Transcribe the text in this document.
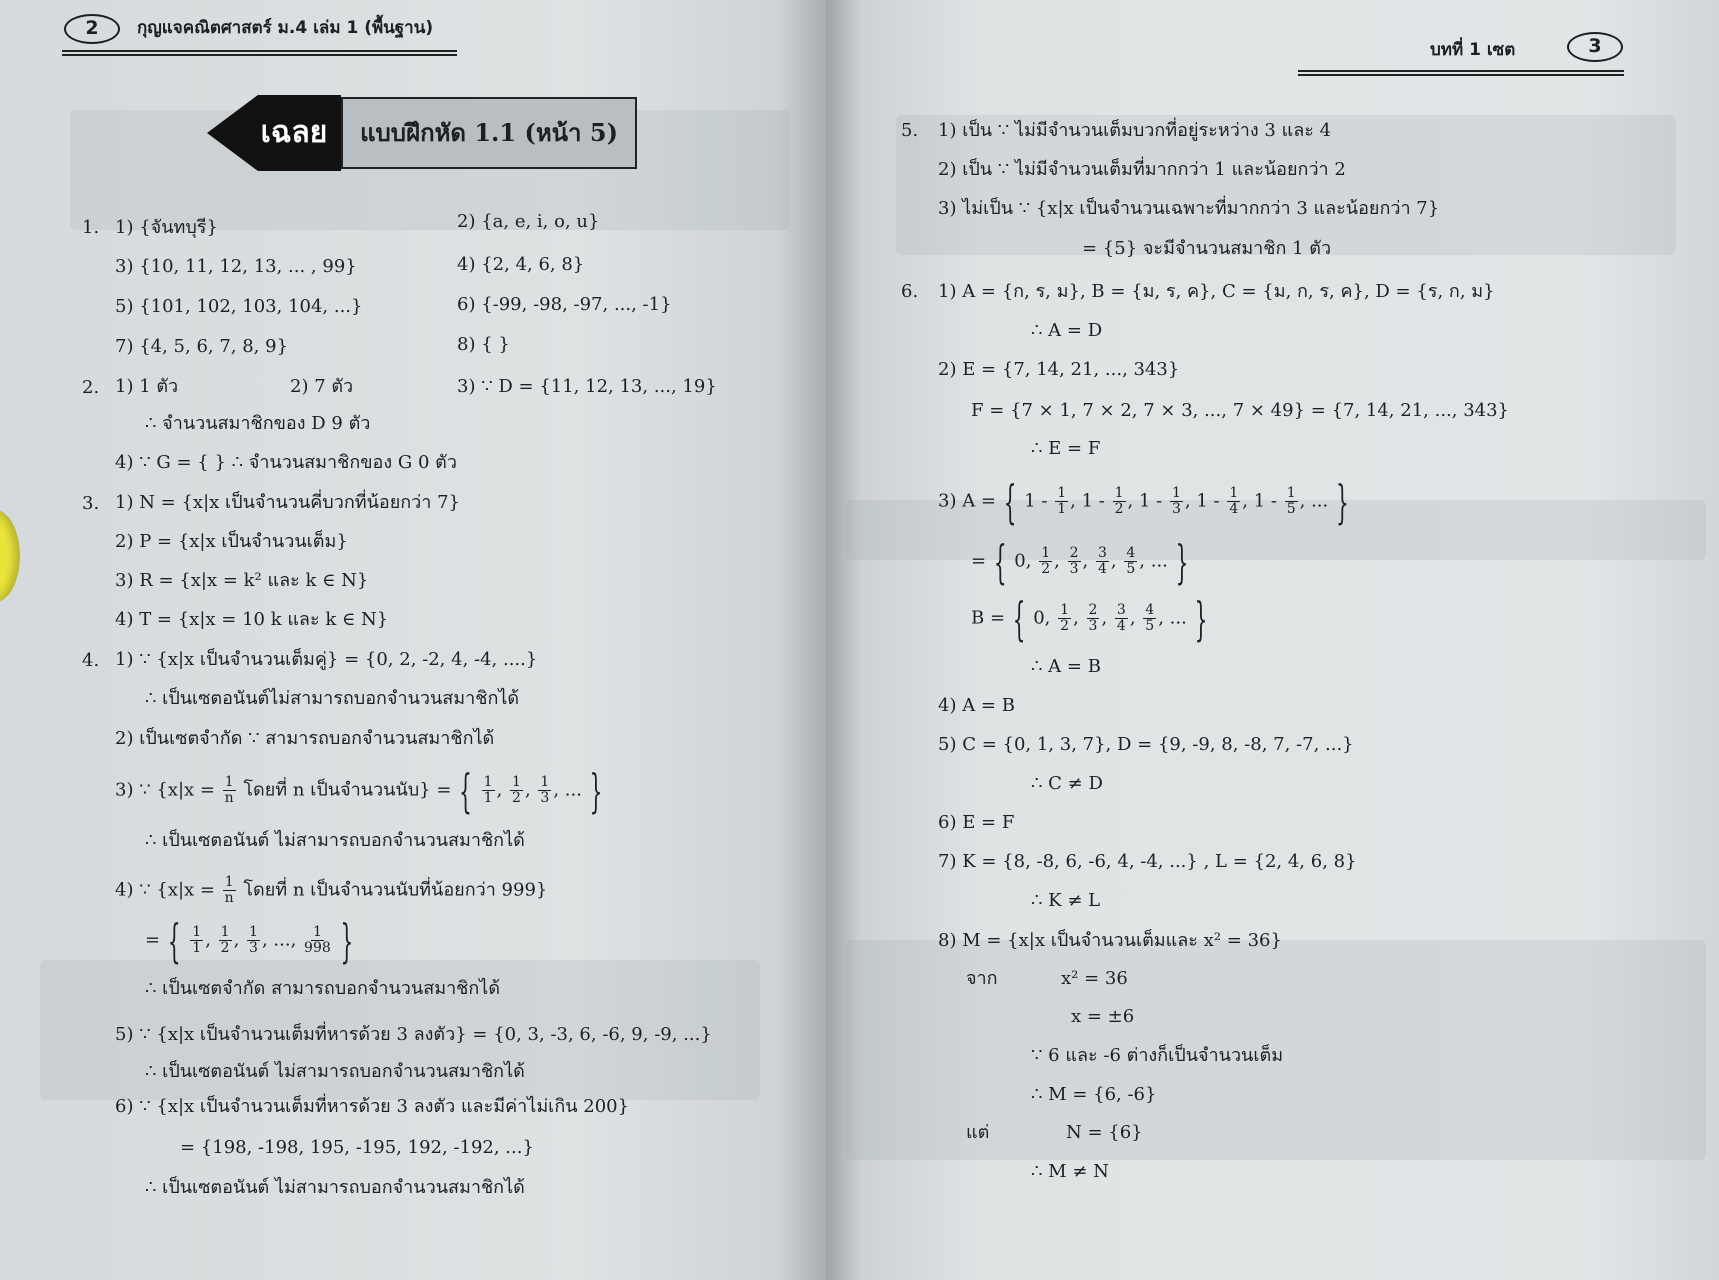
2	กุญแจคณิตศาสตร์ ม.4 เล่ม 1 (พื้นฐาน)
เฉลย	แบบฝึกหัด 1.1 (หน้า 5)
1. 1) {จันทบุรี}	2) {a, e, i, o, u}
3) {10, 11, 12, 13, ... , 99}	4) {2, 4, 6, 8}
5) {101, 102, 103, 104, ...}	6) {-99, -98, -97, ..., -1}
7) {4, 5, 6, 7, 8, 9}	8) { }
2. 1) 1 ตัว	2) 7 ตัว	3) ∵ D = {11, 12, 13, ..., 19}
∴ จำนวนสมาชิกของ D 9 ตัว
4) ∵ G = { } ∴ จำนวนสมาชิกของ G 0 ตัว
3. 1) N = {x|x เป็นจำนวนคี่บวกที่น้อยกว่า 7}
2) P = {x|x เป็นจำนวนเต็ม}
3) R = {x|x = k² และ k ∈ N}
4) T = {x|x = 10 k และ k ∈ N}
4. 1) ∵ {x|x เป็นจำนวนเต็มคู่} = {0, 2, -2, 4, -4, ....}
∴ เป็นเซตอนันต์ไม่สามารถบอกจำนวนสมาชิกได้
2) เป็นเซตจำกัด ∵ สามารถบอกจำนวนสมาชิกได้
3) ∵ {$x|x = \frac{1}{n}$ โดยที่ n เป็นจำนวนนับ} = { $\frac{1}{1}$ , $\frac{1}{2}$ , $\frac{1}{3}$ , ... }
∴ เป็นเซตอนันต์ ไม่สามารถบอกจำนวนสมาชิกได้
4) ∵ {$x|x = \frac{1}{n}$ โดยที่ n เป็นจำนวนนับที่น้อยกว่า 999}
= { $\frac{1}{1}$ , $\frac{1}{2}$ , $\frac{1}{3}$ , ..., $\frac{1}{998}$ }
∴ เป็นเซตจำกัด สามารถบอกจำนวนสมาชิกได้
5) ∵ {x|x เป็นจำนวนเต็มที่หารด้วย 3 ลงตัว} = {0, 3, -3, 6, -6, 9, -9, ...}
∴ เป็นเซตอนันต์ ไม่สามารถบอกจำนวนสมาชิกได้
6) ∵ {x|x เป็นจำนวนเต็มที่หารด้วย 3 ลงตัว และมีค่าไม่เกิน 200}
= {198, -198, 195, -195, 192, -192, ...}
∴ เป็นเซตอนันต์ ไม่สามารถบอกจำนวนสมาชิกได้
บทที่ 1 เซต	3
5. 1) เป็น ∵ ไม่มีจำนวนเต็มบวกที่อยู่ระหว่าง 3 และ 4
2) เป็น ∵ ไม่มีจำนวนเต็มที่มากกว่า 1 และน้อยกว่า 2
3) ไม่เป็น ∵ {x|x เป็นจำนวนเฉพาะที่มากกว่า 3 และน้อยกว่า 7}
= {5} จะมีจำนวนสมาชิก 1 ตัว
6. 1) A = {ก, ร, ม}, B = {ม, ร, ค}, C = {ม, ก, ร, ค}, D = {ร, ก, ม}
∴ A = D
2) E = {7, 14, 21, ..., 343}
F = {7 × 1, 7 × 2, 7 × 3, ..., 7 × 49} = {7, 14, 21, ..., 343}
∴ E = F
3) A = { $1 - \frac{1}{1}$ , $1 - \frac{1}{2}$ , $1 - \frac{1}{3}$ , $1 - \frac{1}{4}$ , $1 - \frac{1}{5}$ , ... }
= { 0, $\frac{1}{2}$ , $\frac{2}{3}$ , $\frac{3}{4}$ , $\frac{4}{5}$ , ... }
B = { 0, $\frac{1}{2}$ , $\frac{2}{3}$ , $\frac{3}{4}$ , $\frac{4}{5}$ , ... }
∴ A = B
4) A = B
5) C = {0, 1, 3, 7}, D = {9, -9, 8, -8, 7, -7, ...}
∴ C ≠ D
6) E = F
7) K = {8, -8, 6, -6, 4, -4, ...} , L = {2, 4, 6, 8}
∴ K ≠ L
8) M = {x|x เป็นจำนวนเต็มและ x² = 36}
จาก	x² = 36
x = ±6
∵ 6 และ -6 ต่างก็เป็นจำนวนเต็ม
∴ M = {6, -6}
แต่	N = {6}
∴ M ≠ N
